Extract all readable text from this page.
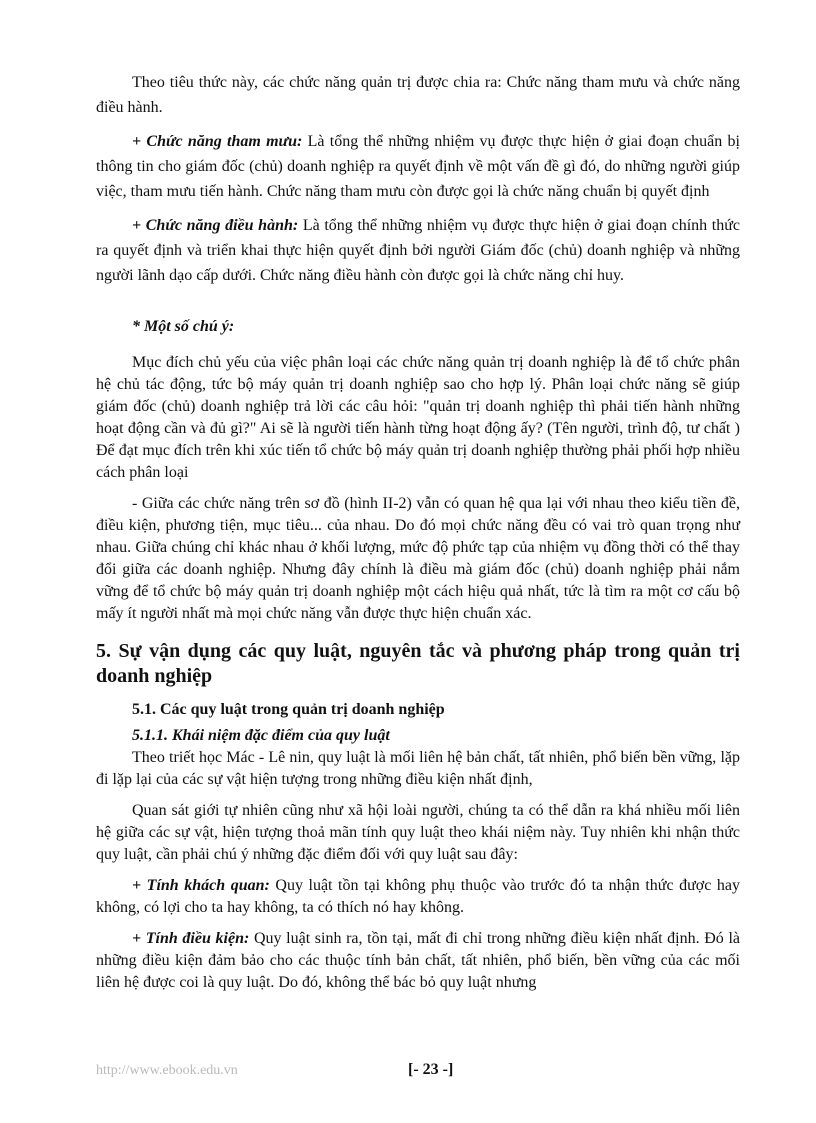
Theo tiêu thức này, các chức năng quản trị được chia ra: Chức năng tham mưu và chức năng điều hành.

+ Chức năng tham mưu: Là tổng thể những nhiệm vụ được thực hiện ở giai đoạn chuẩn bị thông tin cho giám đốc (chủ) doanh nghiệp ra quyết định về một vấn đề gì đó, do những người giúp việc, tham mưu tiến hành. Chức năng tham mưu còn được gọi là chức năng chuẩn bị quyết định

+ Chức năng điều hành: Là tổng thể những nhiệm vụ được thực hiện ở giai đoạn chính thức ra quyết định và triển khai thực hiện quyết định bởi người Giám đốc (chủ) doanh nghiệp và những người lãnh dạo cấp dưới. Chức năng điều hành còn được gọi là chức năng chỉ huy.

* Một số chú ý:

Mục đích chủ yếu của việc phân loại các chức năng quản trị doanh nghiệp là để tổ chức phân hệ chủ tác động, tức bộ máy quản trị doanh nghiệp sao cho hợp lý. Phân loại chức năng sẽ giúp giám đốc (chủ) doanh nghiệp trả lời các câu hỏi: "quản trị doanh nghiệp thì phải tiến hành những hoạt động cần và đủ gì?" Ai sẽ là người tiến hành từng hoạt động ấy? (Tên người, trình độ, tư chất ) Để đạt mục đích trên khi xúc tiến tổ chức bộ máy quản trị doanh nghiệp thường phải phối hợp nhiều cách phân loại

- Giữa các chức năng trên sơ đồ (hình II-2) vẫn có quan hệ qua lại với nhau theo kiểu tiền đề, điều kiện, phương tiện, mục tiêu... của nhau. Do đó mọi chức năng đều có vai trò quan trọng như nhau. Giữa chúng chỉ khác nhau ở khối lượng, mức độ phức tạp của nhiệm vụ đồng thời có thể thay đổi giữa các doanh nghiệp. Nhưng đây chính là điều mà giám đốc (chủ) doanh nghiệp phải nắm vững để tổ chức bộ máy quản trị doanh nghiệp một cách hiệu quả nhất, tức là tìm ra một cơ cấu bộ mấy ít người nhất mà mọi chức năng vẫn được thực hiện chuẩn xác.

5. Sự vận dụng các quy luật, nguyên tắc và phương pháp trong quản trị doanh nghiệp
5.1. Các quy luật trong quản trị doanh nghiệp
5.1.1. Khái niệm đặc điểm của quy luật

Theo triết học Mác - Lê nin, quy luật là mối liên hệ bản chất, tất nhiên, phổ biến bền vững, lặp đi lặp lại của các sự vật hiện tượng trong những điều kiện nhất định,

Quan sát giới tự nhiên cũng như xã hội loài người, chúng ta có thể dẫn ra khá nhiều mối liên hệ giữa các sự vật, hiện tượng thoả mãn tính quy luật theo khái niệm này. Tuy nhiên khi nhận thức quy luật, cần phải chú ý những đặc điểm đối với quy luật sau đây:

+ Tính khách quan: Quy luật tồn tại không phụ thuộc vào trước đó ta nhận thức được hay không, có lợi cho ta hay không, ta có thích nó hay không.

+ Tính điều kiện: Quy luật sinh ra, tồn tại, mất đi chỉ trong những điều kiện nhất định. Đó là những điều kiện đảm bảo cho các thuộc tính bản chất, tất nhiên, phổ biến, bền vững của các mối liên hệ được coi là quy luật. Do đó, không thể bác bỏ quy luật nhưng

http://www.ebook.edu.vn	[- 23 -]
